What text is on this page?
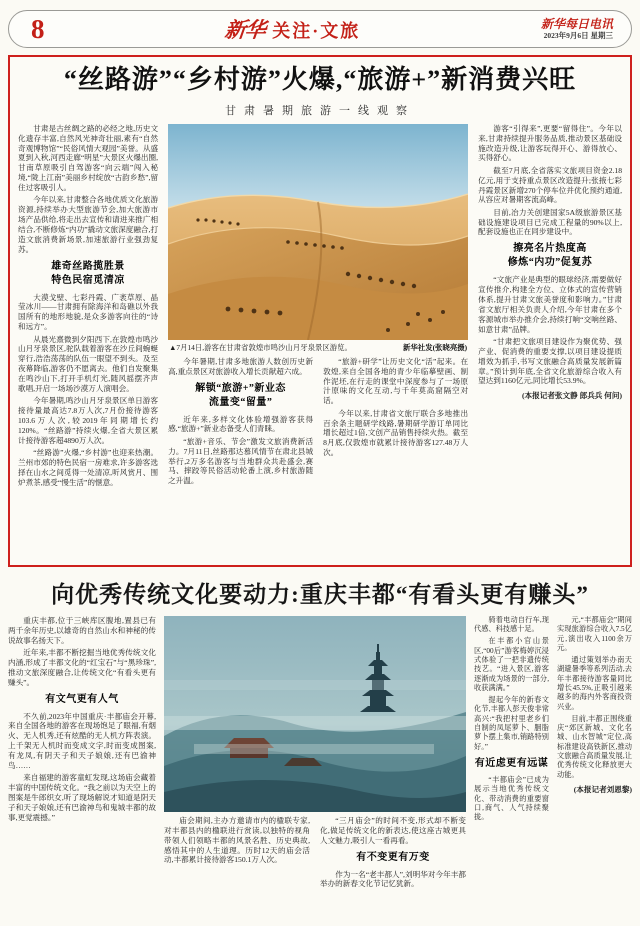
8	新华 关注·文旅	新华每日电讯
2023年9月6日 星期三
“丝路游”“乡村游”火爆,“旅游+”新消费兴旺
甘肃暑期旅游一线观察

甘肃是古丝绸之路的必经之地,历史文化遗存丰富,自然风光神奇壮丽,素有“自然奇观博物馆”“民俗风情大观园”美誉。从盛夏到入秋,河西走廊“明星”大景区火爆出圈,甘南草原吸引自驾游客“向云端”闯入秘境,“陇上江南”美丽乡村绽放“古韵乡愁”,留住过客吸引人。

今年以来,甘肃整合各地优质文化旅游资源,持续举办大型旅游节会,加大旅游市场产品供给,将走出去宣传和请进来推广相结合,不断修炼“内功”撬动文旅深度融合,打造文旅消费新场景,加速旅游行业强劲复苏。

雄奇丝路揽胜景
特色民宿觅清凉

大漠戈壁、七彩丹霞、广袤草原、晶莹冰川——甘肃拥有除海洋和岛礁以外我国所有的地形地貌,是众多游客向往的“诗和远方”。

从晨光熹微到夕阳西下,在敦煌市鸣沙山月牙泉景区,驼队载着游客在沙丘间蜿蜒穿行,浩浩荡荡的队伍一眼望不到头。及至夜幕降临,游客仍不愿离去。他们自发聚集在鸣沙山下,打开手机灯光,随风摇摆齐声歌唱,开启一场场沙漠万人演唱会。

今年暑期,鸣沙山月牙泉景区单日游客接待量最高达7.8万人次,7月份接待游客103.6万人次,较2019年同期增长约120%。“丝路游”持续火爆,全省大景区累计接待游客超4890万人次。

“丝路游”火爆,“乡村游”也迎来热潮。兰州市郊的特色民宿一房难求,许多游客选择在山水之间觅得一处清凉,听风赏月、围炉煮茶,感受“慢生活”的惬意。

▲7月14日,游客在甘肃省敦煌市鸣沙山月牙泉景区游览。	新华社发(张晓亮摄)

今年暑期,甘肃多地旅游人数创历史新高,重点景区对旅游收入增长贡献超六成。

解锁“旅游+”新业态
流量变“留量”

近年来,多样文化体验增强游客获得感,“旅游+”新业态备受人们青睐。

“旅游+音乐、节会”激发文旅消费新活力。7月11日,丝路那达慕风情节在肃北县城举行,2万多名游客与当地群众共赴盛会,赛马、摔跤等民俗活动轮番上演,乡村旅游随之升温。

“旅游+研学”让历史文化“活”起来。在敦煌,来自全国各地的青少年临摹壁画、制作泥坯,在行走的课堂中深度参与了一场原汁原味的文化互动,与千年莫高窟隔空对话。

今年以来,甘肃省文旅厅联合多地推出百余条主题研学线路,暑期研学游订单同比增长超过1倍,文创产品销售持续火热。截至8月底,仅敦煌市就累计接待游客127.48万人次。

游客“引得来”,更要“留得住”。今年以来,甘肃持续提升服务品质,推动景区基础设施改造升级,让游客玩得开心、游得放心、买得舒心。

截至7月底,全省落实文旅项目资金2.18亿元,用于支持重点景区改造提升;张掖七彩丹霞景区新增270个停车位并优化预约通道,从容应对暑期客流高峰。

目前,冶力关创建国家5A级旅游景区基础设施建设项目已完成工程量的90%以上,配套设施也正在同步建设中。

擦亮名片热度高
修炼“内功”促复苏

“文旅产业是典型的眼球经济,需要做好宣传推介,构建全方位、立体式的宣传营销体系,提升甘肃文旅美誉度和影响力。”甘肃省文旅厅相关负责人介绍,今年甘肃在多个客源城市举办推介会,持续打响“交响丝路、如意甘肃”品牌。

“甘肃把文旅项目建设作为聚优势、强产业、促消费的重要支撑,以项目建设提质增效为抓手,书写文旅融合高质量发展新篇章。”预计到年底,全省文化旅游综合收入有望达到1160亿元,同比增长53.9%。

(本报记者张文静 郎兵兵 何问)
向优秀传统文化要动力:重庆丰都“有看头更有赚头”

重庆丰都,位于三峡库区腹地,置县已有两千余年历史,以雄奇的自然山水和神秘的传说故事名扬天下。

近年来,丰都不断挖掘当地优秀传统文化内涵,形成了丰都文化的“红宝石”与“黑珍珠”,推动文旅深度融合,让传统文化“有看头更有赚头”。

有文气更有人气

不久前,2023年中国重庆·丰都庙会开幕,来自全国各地的游客在现场饱足了眼福,有烟火、无人机秀,还有炫酷的无人机方阵表演。上千架无人机时而变成文字,时而变成图案,有龙凤,有阴天子和天子娘娘,还有巴渝神鸟……

来自福建的游客童虹发现,这场庙会藏着丰富的中国传统文化。“我之前以为天空上的图案是牛郎织女,听了现场解说才知道是阴天子和天子娘娘,还有巴渝神鸟和鬼城丰都的故事,更觉震撼。”	庙会期间,主办方邀请市内的楹联专家,对丰都县内的楹联进行赏读,以独特的视角带领人们领略丰都的风景名胜、历史典故,感悟其中的人生道理。历时12天的庙会活动,丰都累计接待游客150.1万人次。

“三月庙会”的时间不变,形式却不断变化,做足传统文化的新表达,使这座古城更具人文魅力,吸引人一看再看。

有不变更有万变

作为一名“老丰都人”,刘明华对今年丰都举办的新春文化节记忆犹新。

骑着电动自行车,现代感、科技感十足。

在丰都小官山景区,“00后”游客梅婷沉浸式体验了一把非遗传统技艺。“进入景区,游客逐渐成为场景的一部分,收获满满。”

提起今年的新春文化节,丰都人彭天俊非常高兴:“我把村里老乡们自制的凤尾萝卜、胭脂萝卜摆上集市,销路特别好。”

有近虑更有远谋

“丰都庙会”已成为展示当地优秀传统文化、带动消费的重要窗口,商气、人气持续聚拢。

元,“丰都庙会”期间实现旅游综合收入7.5亿元,演出收入1100余万元。

通过策划举办南天湖避暑季等系列活动,去年丰都接待游客量同比增长45.5%,正吸引越来越多的海内外客商投资兴业。

目前,丰都正围绕重庆“郊区新城、文化名城、山水智城”定位,高标准建设高铁新区,推动文旅融合高质量发展,让优秀传统文化释放更大动能。

(本报记者刘恩黎)
